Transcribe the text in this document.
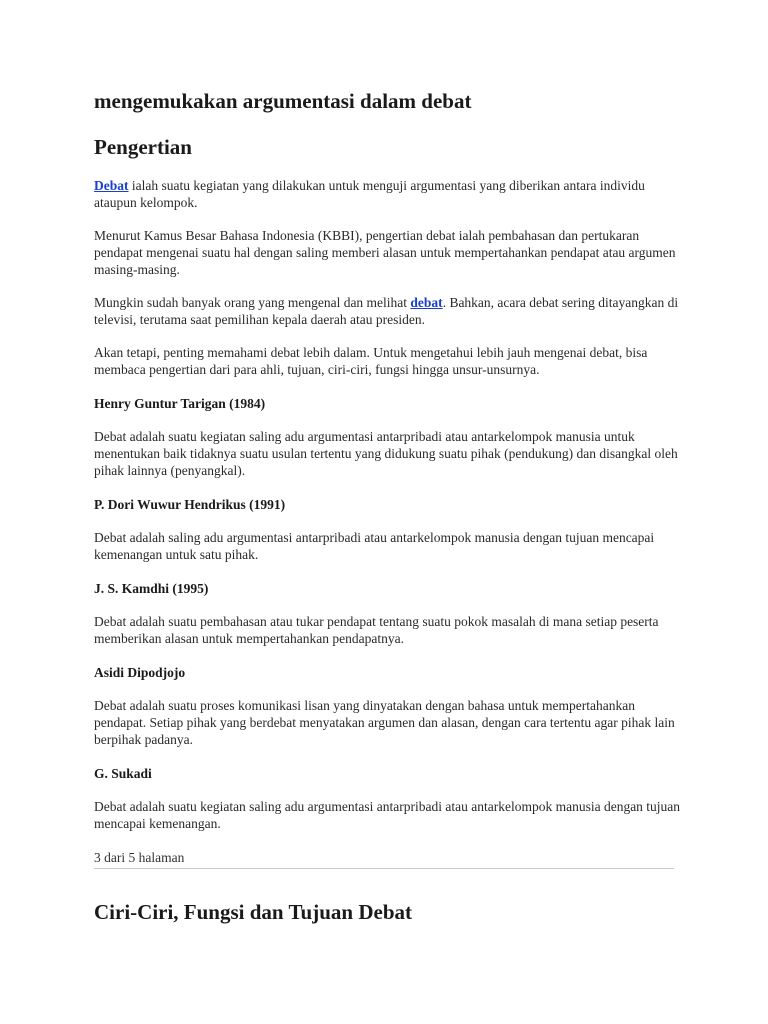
mengemukakan argumentasi dalam debat
Pengertian

Debat ialah suatu kegiatan yang dilakukan untuk menguji argumentasi yang diberikan antara individu ataupun kelompok.

Menurut Kamus Besar Bahasa Indonesia (KBBI), pengertian debat ialah pembahasan dan pertukaran pendapat mengenai suatu hal dengan saling memberi alasan untuk mempertahankan pendapat atau argumen masing-masing.

Mungkin sudah banyak orang yang mengenal dan melihat debat. Bahkan, acara debat sering ditayangkan di televisi, terutama saat pemilihan kepala daerah atau presiden.

Akan tetapi, penting memahami debat lebih dalam. Untuk mengetahui lebih jauh mengenai debat, bisa membaca pengertian dari para ahli, tujuan, ciri-ciri, fungsi hingga unsur-unsurnya.

Henry Guntur Tarigan (1984)

Debat adalah suatu kegiatan saling adu argumentasi antarpribadi atau antarkelompok manusia untuk menentukan baik tidaknya suatu usulan tertentu yang didukung suatu pihak (pendukung) dan disangkal oleh pihak lainnya (penyangkal).

P. Dori Wuwur Hendrikus (1991)

Debat adalah saling adu argumentasi antarpribadi atau antarkelompok manusia dengan tujuan mencapai kemenangan untuk satu pihak.

J. S. Kamdhi (1995)

Debat adalah suatu pembahasan atau tukar pendapat tentang suatu pokok masalah di mana setiap peserta memberikan alasan untuk mempertahankan pendapatnya.

Asidi Dipodjojo

Debat adalah suatu proses komunikasi lisan yang dinyatakan dengan bahasa untuk mempertahankan pendapat. Setiap pihak yang berdebat menyatakan argumen dan alasan, dengan cara tertentu agar pihak lain berpihak padanya.

G. Sukadi

Debat adalah suatu kegiatan saling adu argumentasi antarpribadi atau antarkelompok manusia dengan tujuan mencapai kemenangan.

3 dari 5 halaman
Ciri-Ciri, Fungsi dan Tujuan Debat
